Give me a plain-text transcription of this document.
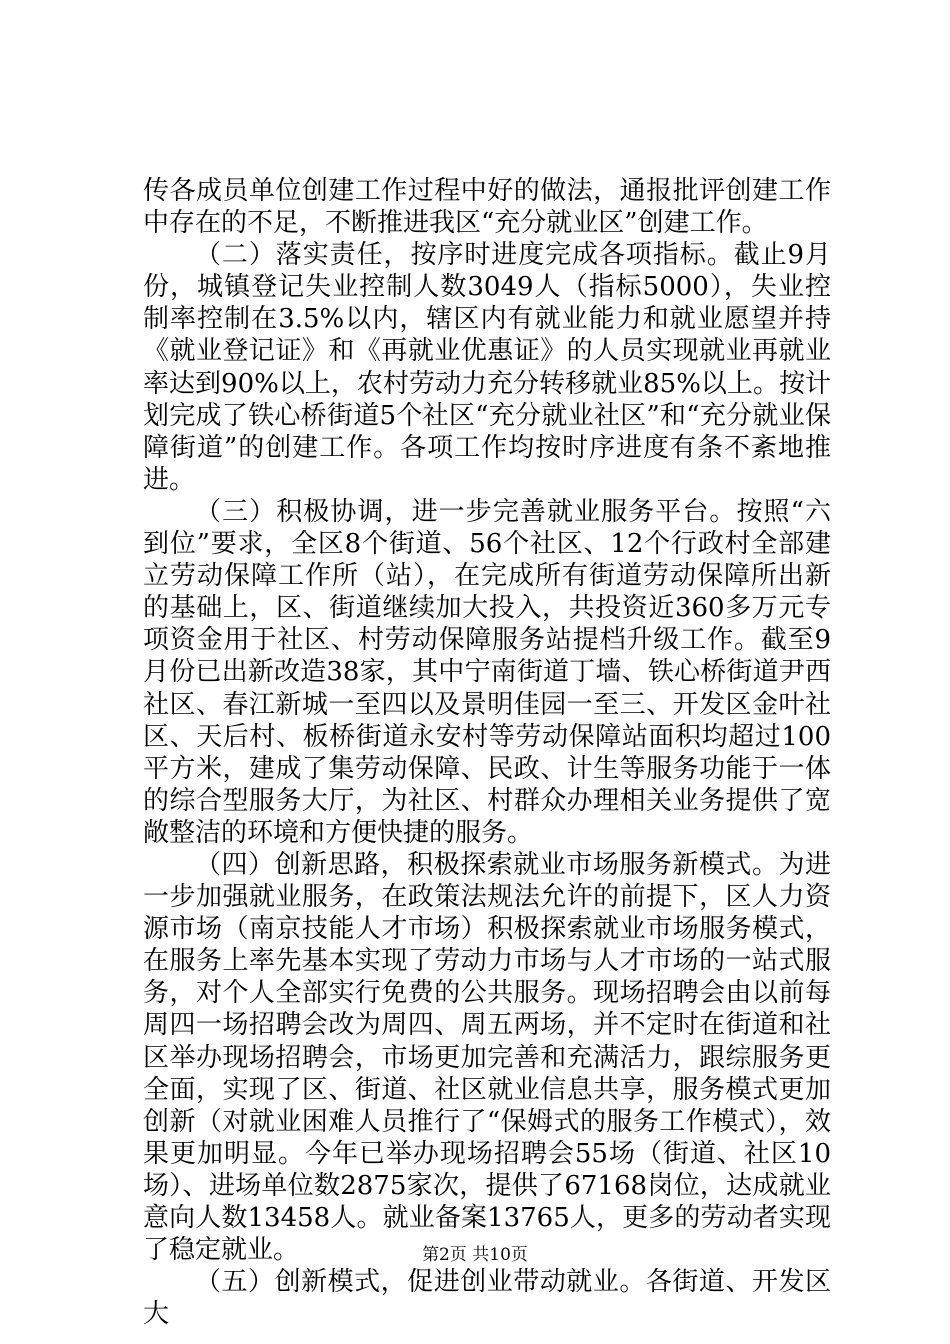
传各成员单位创建工作过程中好的做法，通报批评创建工作中存在的不足，不断推进我区“充分就业区”创建工作。

（二）落实责任，按序时进度完成各项指标。截止9月份，城镇登记失业控制人数3049人（指标5000），失业控制率控制在3.5%以内，辖区内有就业能力和就业愿望并持《就业登记证》和《再就业优惠证》的人员实现就业再就业率达到90%以上，农村劳动力充分转移就业85%以上。按计划完成了铁心桥街道5个社区“充分就业社区”和“充分就业保障街道”的创建工作。各项工作均按时序进度有条不紊地推进。

（三）积极协调，进一步完善就业服务平台。按照“六到位”要求，全区8个街道、56个社区、12个行政村全部建立劳动保障工作所（站），在完成所有街道劳动保障所出新的基础上，区、街道继续加大投入，共投资近360多万元专项资金用于社区、村劳动保障服务站提档升级工作。截至9月份已出新改造38家，其中宁南街道丁墙、铁心桥街道尹西社区、春江新城一至四以及景明佳园一至三、开发区金叶社区、天后村、板桥街道永安村等劳动保障站面积均超过100平方米，建成了集劳动保障、民政、计生等服务功能于一体的综合型服务大厅，为社区、村群众办理相关业务提供了宽敞整洁的环境和方便快捷的服务。

（四）创新思路，积极探索就业市场服务新模式。为进一步加强就业服务，在政策法规法允许的前提下，区人力资源市场（南京技能人才市场）积极探索就业市场服务模式，在服务上率先基本实现了劳动力市场与人才市场的一站式服务，对个人全部实行免费的公共服务。现场招聘会由以前每周四一场招聘会改为周四、周五两场，并不定时在街道和社区举办现场招聘会，市场更加完善和充满活力，跟综服务更全面，实现了区、街道、社区就业信息共享，服务模式更加创新（对就业困难人员推行了“保姆式的服务工作模式），效果更加明显。今年已举办现场招聘会55场（街道、社区10场）、进场单位数2875家次，提供了67168岗位，达成就业意向人数13458人。就业备案13765人，更多的劳动者实现了稳定就业。

（五）创新模式，促进创业带动就业。各街道、开发区大

第2页 共10页
